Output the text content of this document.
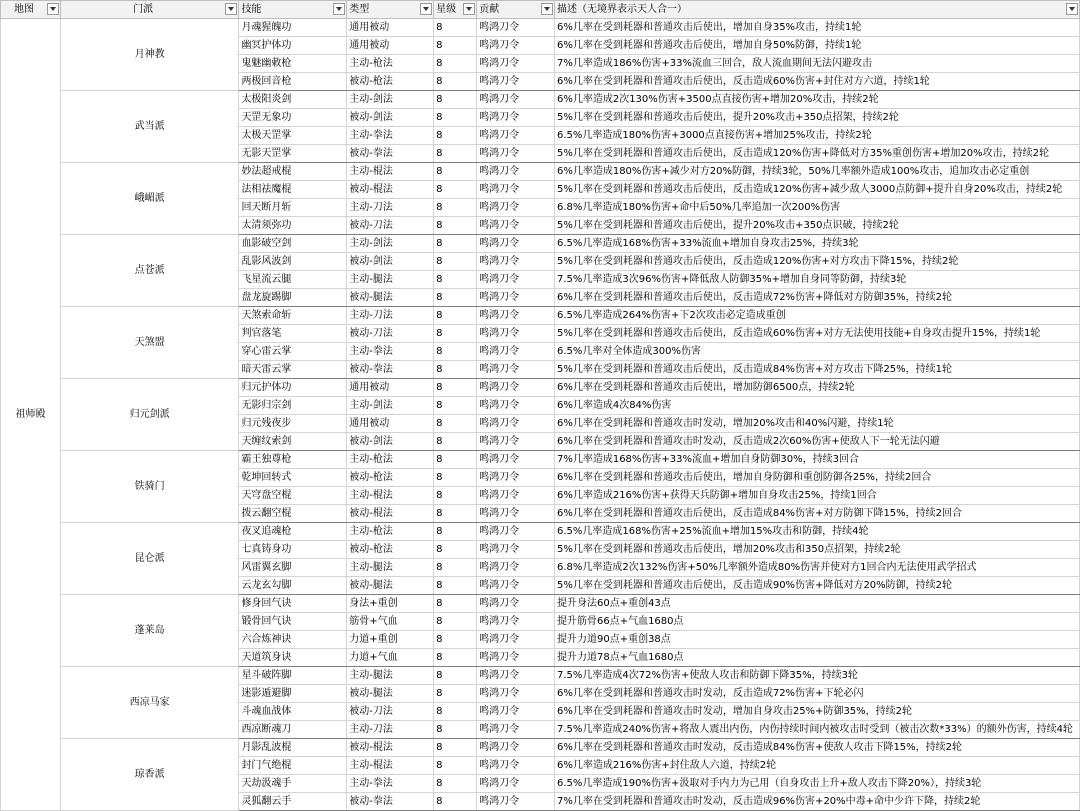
地图	门派	技能	类型	星级	贡献	描述（无境界表示天人合一）

祖师殿	月神教	月魂猩魄功	通用被动	8	鸣鸿刀令	6%几率在受到耗器和普通攻击后使出，增加自身35%攻击，持续1轮
		幽冥护体功	通用被动	8	鸣鸿刀令	6%几率在受到耗器和普通攻击后使出，增加自身50%防御，持续1轮
		鬼魅幽敕枪	主动-枪法	8	鸣鸿刀令	7%几率造成186%伤害+33%流血三回合，敌人流血期间无法闪避攻击
		两极回音枪	被动-枪法	8	鸣鸿刀令	6%几率在受到耗器和普通攻击后使出，反击造成60%伤害+封住对方六道，持续1轮
	武当派	太极阳炎剑	主动-剑法	8	鸣鸿刀令	6%几率造成2次130%伤害+3500点直接伤害+增加20%攻击，持续2轮
		天罡无象功	被动-剑法	8	鸣鸿刀令	5%几率在受到耗器和普通攻击后使出，提升20%攻击+350点招架，持续2轮
		太极天罡掌	主动-拳法	8	鸣鸿刀令	6.5%几率造成180%伤害+3000点直接伤害+增加25%攻击，持续2轮
		无影天罡掌	被动-拳法	8	鸣鸿刀令	5%几率在受到耗器和普通攻击后使出，反击造成120%伤害+降低对方35%重创伤害+增加20%攻击，持续2轮
	峨嵋派	妙法超戒棍	主动-棍法	8	鸣鸿刀令	6%几率造成180%伤害+减少对方20%防御，持续3轮，50%几率额外造成100%攻击，追加攻击必定重创
		法相祛魔棍	被动-棍法	8	鸣鸿刀令	5%几率在受到耗器和普通攻击后使出，反击造成120%伤害+减少敌人3000点防御+提升自身20%攻击，持续2轮
		回天断月斩	主动-刀法	8	鸣鸿刀令	6.8%几率造成180%伤害+命中后50%几率追加一次200%伤害
		太清须弥功	被动-刀法	8	鸣鸿刀令	5%几率在受到耗器和普通攻击后使出，提升20%攻击+350点识破，持续2轮
	点苍派	血影破空剑	主动-剑法	8	鸣鸿刀令	6.5%几率造成168%伤害+33%流血+增加自身攻击25%，持续3轮
		乱影风波剑	被动-剑法	8	鸣鸿刀令	5%几率在受到耗器和普通攻击后使出，反击造成120%伤害+对方攻击下降15%，持续2轮
		飞星流云腿	主动-腿法	8	鸣鸿刀令	7.5%几率造成3次96%伤害+降低敌人防御35%+增加自身同等防御，持续3轮
		盘龙旋踢脚	被动-腿法	8	鸣鸿刀令	6%几率在受到耗器和普通攻击后使出，反击造成72%伤害+降低对方防御35%，持续2轮
	天煞盟	天煞索命斩	主动-刀法	8	鸣鸿刀令	6.5%几率造成264%伤害+下2次攻击必定造成重创
		判官落笔	被动-刀法	8	鸣鸿刀令	5%几率在受到耗器和普通攻击后使出，反击造成60%伤害+对方无法使用技能+自身攻击提升15%，持续1轮
		穿心雷云掌	主动-拳法	8	鸣鸿刀令	6.5%几率对全体造成300%伤害
		暗天雷云掌	被动-拳法	8	鸣鸿刀令	5%几率在受到耗器和普通攻击后使出，反击造成84%伤害+对方攻击下降25%，持续1轮
	归元剑派	归元护体功	通用被动	8	鸣鸿刀令	6%几率在受到耗器和普通攻击后使出，增加防御6500点，持续2轮
		无影归宗剑	主动-剑法	8	鸣鸿刀令	6%几率造成4次84%伤害
		归元残夜步	通用被动	8	鸣鸿刀令	6%几率在受到耗器和普通攻击时发动，增加20%攻击和40%闪避，持续1轮
		天缠纹索剑	被动-剑法	8	鸣鸿刀令	6%几率在受到耗器和普通攻击时发动，反击造成2次60%伤害+使敌人下一轮无法闪避
	铁骑门	霸王独尊枪	主动-枪法	8	鸣鸿刀令	7%几率造成168%伤害+33%流血+增加自身防御30%，持续3回合
		乾坤回转式	被动-枪法	8	鸣鸿刀令	6%几率在受到耗器和普通攻击后使出，增加自身防御和重创防御各25%，持续2回合
		天穹盘空棍	主动-棍法	8	鸣鸿刀令	6%几率造成216%伤害+获得天兵防御+增加自身攻击25%，持续1回合
		拨云翻空棍	被动-棍法	8	鸣鸿刀令	6%几率在受到耗器和普通攻击后使出，反击造成84%伤害+对方防御下降15%，持续2回合
	昆仑派	夜叉追魂枪	主动-枪法	8	鸣鸿刀令	6.5%几率造成168%伤害+25%流血+增加15%攻击和防御，持续4轮
		七真铸身功	被动-枪法	8	鸣鸿刀令	5%几率在受到耗器和普通攻击后使出，增加20%攻击和350点招架，持续2轮
		风雷翼玄脚	主动-腿法	8	鸣鸿刀令	6.8%几率造成2次132%伤害+50%几率额外造成80%伤害并使对方1回合内无法使用武学招式
		云龙玄勾脚	被动-腿法	8	鸣鸿刀令	5%几率在受到耗器和普通攻击后使出，反击造成90%伤害+降低对方20%防御，持续2轮
	蓬莱岛	修身回气诀	身法+重创	8	鸣鸿刀令	提升身法60点+重创43点
		锻骨回气诀	筋骨+气血	8	鸣鸿刀令	提升筋骨66点+气血1680点
		六合炼神诀	力道+重创	8	鸣鸿刀令	提升力道90点+重创38点
		天道筑身诀	力道+气血	8	鸣鸿刀令	提升力道78点+气血1680点
	西凉马家	星斗破阵脚	主动-腿法	8	鸣鸿刀令	7.5%几率造成4次72%伤害+使敌人攻击和防御下降35%，持续3轮
		迷影遁避脚	被动-腿法	8	鸣鸿刀令	6%几率在受到耗器和普通攻击时发动，反击造成72%伤害+下轮必闪
		斗魂血战体	被动-刀法	8	鸣鸿刀令	6%几率在受到耗器和普通攻击时发动，增加自身攻击25%+防御35%，持续2轮
		西凉断魂刀	主动-刀法	8	鸣鸿刀令	7.5%几率造成240%伤害+将敌人震出内伤，内伤持续时间内被攻击时受到（被击次数*33%）的额外伤害，持续4轮
	琼香派	月影乱波棍	被动-棍法	8	鸣鸿刀令	6%几率在受到耗器和普通攻击时发动，反击造成84%伤害+使敌人攻击下降15%，持续2轮
		封门气绝棍	主动-棍法	8	鸣鸿刀令	6%几率造成216%伤害+封住敌人六道，持续2轮
		天劫汲魂手	主动-拳法	8	鸣鸿刀令	6.5%几率造成190%伤害+汲取对手内力为己用（自身攻击上升+敌人攻击下降20%），持续3轮
		灵狐翻云手	被动-拳法	8	鸣鸿刀令	7%几率在受到耗器和普通攻击时发动，反击造成96%伤害+20%中毒+命中少许下降，持续2轮
